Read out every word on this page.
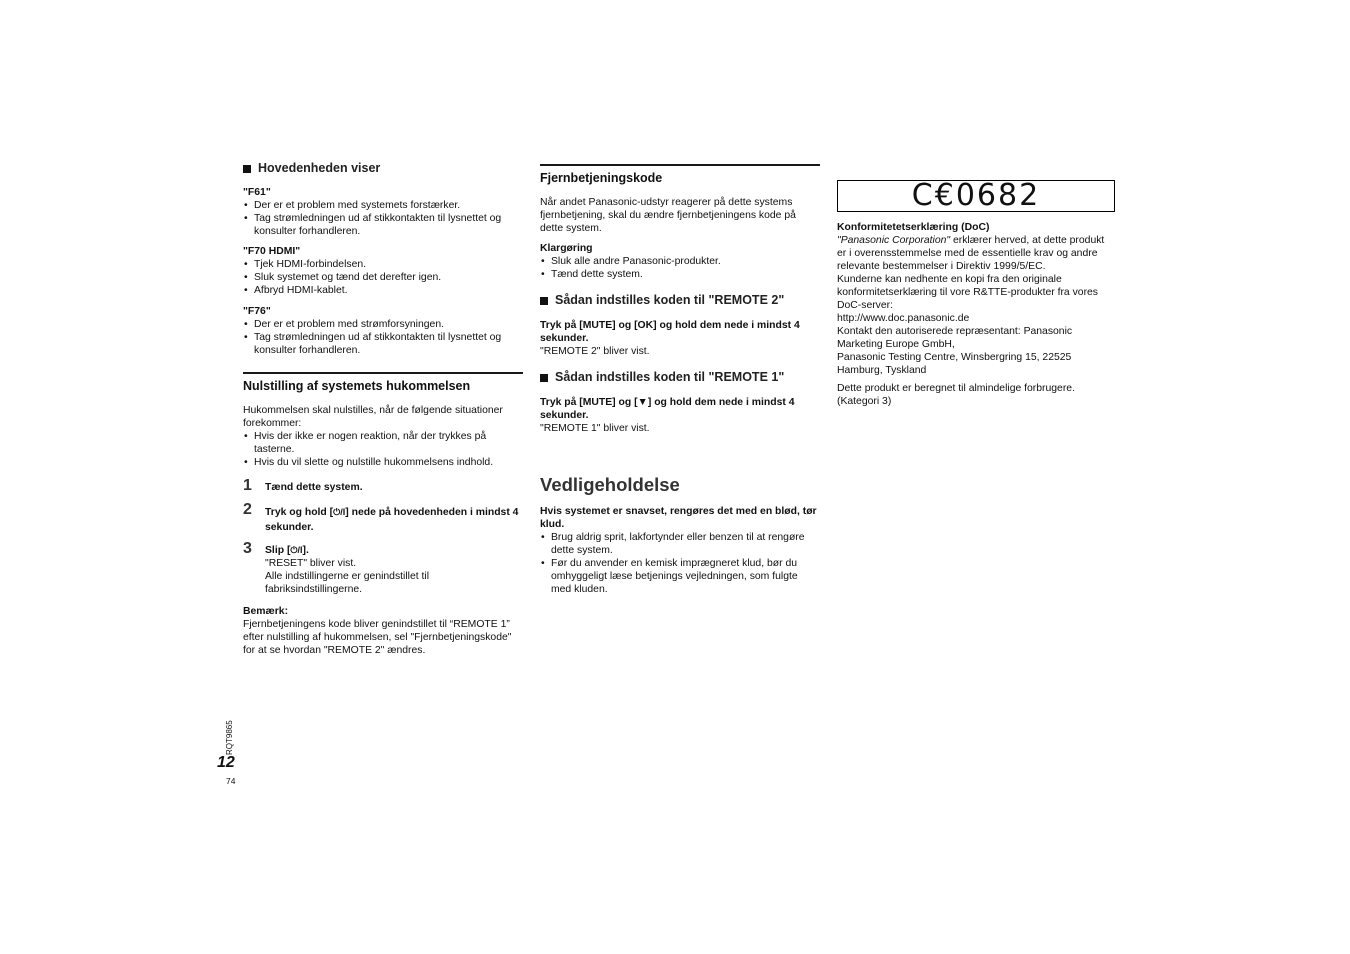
Hovedenheden viser
"F61"
• Der er et problem med systemets forstærker.
• Tag strømledningen ud af stikkontakten til lysnettet og konsulter forhandleren.
"F70 HDMI"
• Tjek HDMI-forbindelsen.
• Sluk systemet og tænd det derefter igen.
• Afbryd HDMI-kablet.
"F76"
• Der er et problem med strømforsyningen.
• Tag strømledningen ud af stikkontakten til lysnettet og konsulter forhandleren.
Nulstilling af systemets hukommelsen
Hukommelsen skal nulstilles, når de følgende situationer forekommer:
• Hvis der ikke er nogen reaktion, når der trykkes på tasterne.
• Hvis du vil slette og nulstille hukommelsens indhold.
1	Tænd dette system.
2	Tryk og hold [⏻/I] nede på hovedenheden i mindst 4 sekunder.
3	Slip [⏻/I].
"RESET" bliver vist.
Alle indstillingerne er genindstillet til fabriksindstillingerne.
Bemærk:
Fjernbetjeningens kode bliver genindstillet til “REMOTE 1” efter nulstilling af hukommelsen, sel "Fjernbetjeningskode" for at se hvordan "REMOTE 2" ændres.
Fjernbetjeningskode
Når andet Panasonic-udstyr reagerer på dette systems fjernbetjening, skal du ændre fjernbetjeningens kode på dette system.
Klargøring
• Sluk alle andre Panasonic-produkter.
• Tænd dette system.
Sådan indstilles koden til "REMOTE 2"
Tryk på [MUTE] og [OK] og hold dem nede i mindst 4 sekunder.
"REMOTE 2" bliver vist.
Sådan indstilles koden til "REMOTE 1"
Tryk på [MUTE] og [▼] og hold dem nede i mindst 4 sekunder.
"REMOTE 1" bliver vist.
Vedligeholdelse
Hvis systemet er snavset, rengøres det med en blød, tør klud.
• Brug aldrig sprit, lakfortynder eller benzen til at rengøre dette system.
• Før du anvender en kemisk imprægneret klud, bør du omhyggeligt læse betjenings vejledningen, som fulgte med kluden.
C€0682
Konformitetetserklæring (DoC)
"Panasonic Corporation" erklærer herved, at dette produkt er i overensstemmelse med de essentielle krav og andre relevante bestemmelser i Direktiv 1999/5/EC.
Kunderne kan nedhente en kopi fra den originale konformitetserklæring til vore R&TTE-produkter fra vores DoC-server:
http://www.doc.panasonic.de
Kontakt den autoriserede repræsentant: Panasonic Marketing Europe GmbH,
Panasonic Testing Centre, Winsbergring 15, 22525 Hamburg, Tyskland
Dette produkt er beregnet til almindelige forbrugere. (Kategori 3)
RQT9865
12
74
